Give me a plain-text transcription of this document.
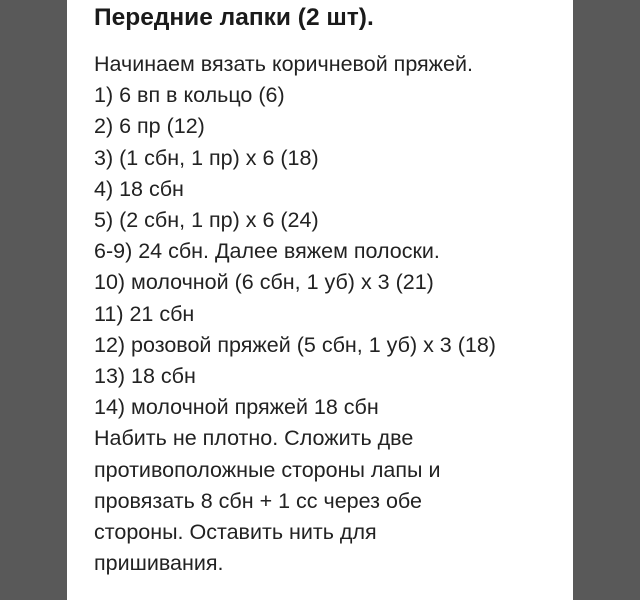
Передние лапки (2 шт).
Начинаем вязать коричневой пряжей.
1) 6 вп в кольцо (6)
2) 6 пр (12)
3) (1 сбн, 1 пр) х 6 (18)
4) 18 сбн
5) (2 сбн, 1 пр) х 6 (24)
6-9) 24 сбн. Далее вяжем полоски.
10) молочной (6 сбн, 1 уб) х 3 (21)
11) 21 сбн
12) розовой пряжей (5 сбн, 1 уб) х 3 (18)
13) 18 сбн
14) молочной пряжей 18 сбн
Набить не плотно. Сложить две
противоположные стороны лапы и
провязать 8 сбн + 1 сс через обе
стороны. Оставить нить для
пришивания.
